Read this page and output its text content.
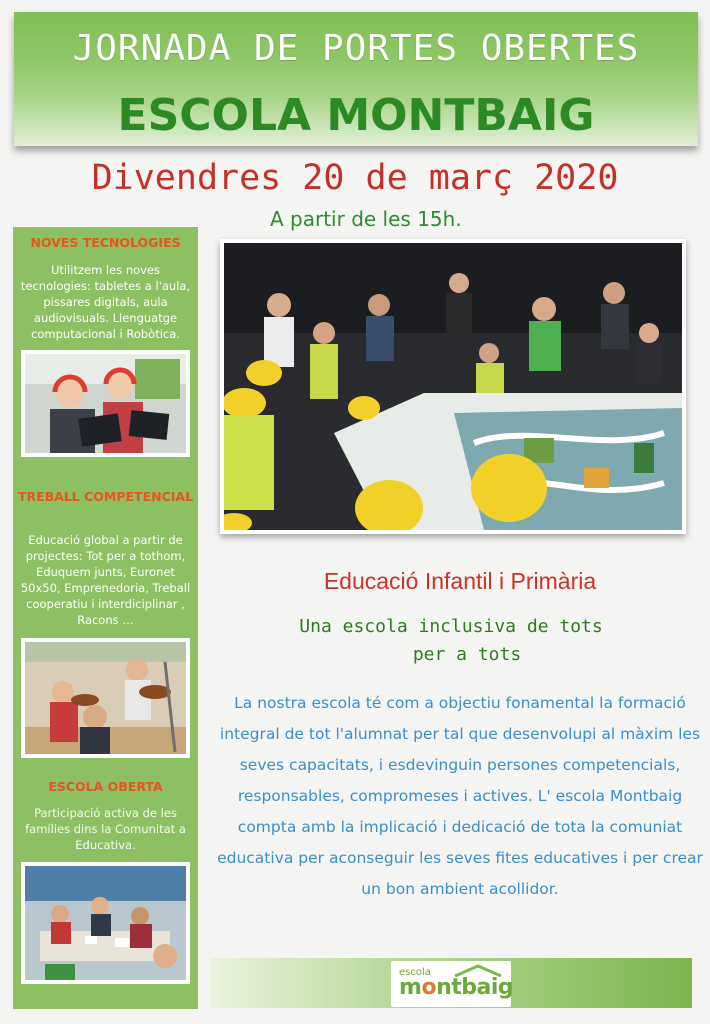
JORNADA DE PORTES OBERTES
ESCOLA MONTBAIG
Divendres 20 de març 2020
A partir de les 15h.
NOVES TECNOLOGIES
Utilitzem les noves tecnologies: tabletes a l'aula, pissares digitals, aula audiovisuals. Llenguatge computacional i Robòtica.
TREBALL COMPETENCIAL
Educació global a partir de projectes: Tot per a tothom, Eduquem junts, Euronet 50x50, Emprenedoria, Treball cooperatiu i interdiciplinar , Racons …
ESCOLA OBERTA
Participació activa de les famílies dins la Comunitat a Educativa.
Educació Infantil i Primària
Una escola inclusiva de tots
per a tots
La nostra escola té com a objectiu fonamental la formació integral de tot l'alumnat per tal que desenvolupi al màxim les seves capacitats, i esdevinguin persones competencials, responsables, compromeses i actives. L' escola Montbaig compta amb la implicació i dedicació de tota la comuniat educativa per aconseguir les seves fites educatives i per crear un bon ambient acollidor.
escola
montbaig
